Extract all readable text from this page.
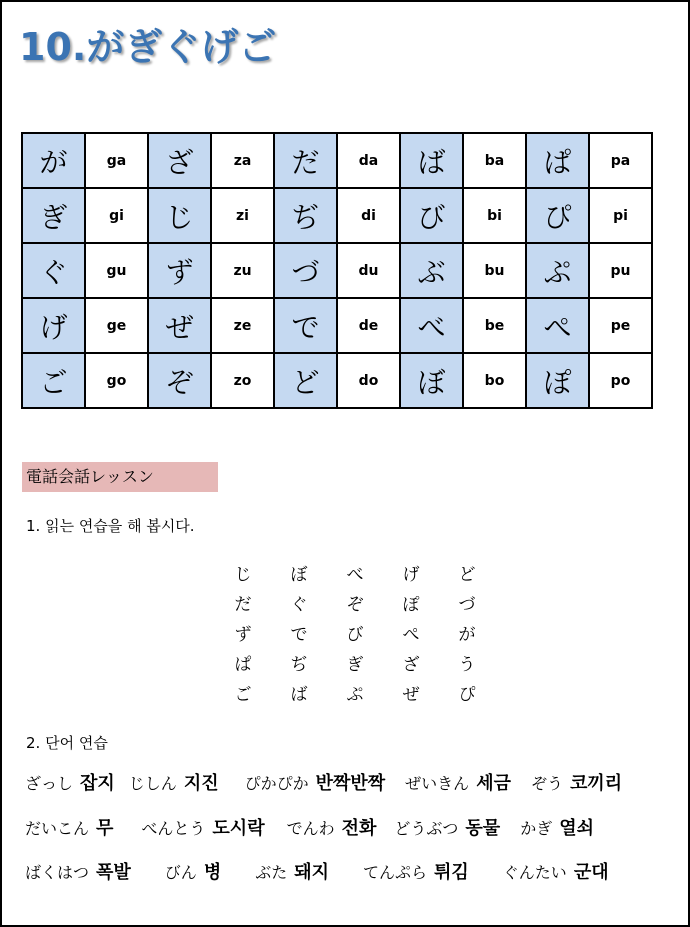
10.がぎぐげご
が	ga	ざ	za	だ	da	ば	ba	ぱ	pa
ぎ	gi	じ	zi	ぢ	di	び	bi	ぴ	pi
ぐ	gu	ず	zu	づ	du	ぶ	bu	ぷ	pu
げ	ge	ぜ	ze	で	de	べ	be	ぺ	pe
ご	go	ぞ	zo	ど	do	ぼ	bo	ぽ	po
電話会話レッスン
1. 읽는 연습을 해 봅시다.
じ	ぼ	べ	げ	ど
だ	ぐ	ぞ	ぽ	づ
ず	で	び	ぺ	が
ぱ	ぢ	ぎ	ざ	う
ご	ば	ぷ	ぜ	ぴ
2. 단어 연습
ざっし 잡지 じしん 지진 ぴかぴか 반짝반짝 ぜいきん 세금 ぞう 코끼리
だいこん 무 べんとう 도시락 でんわ 전화 どうぶつ 동물 かぎ 열쇠
ばくはつ 폭발 びん 병 ぶた 돼지 てんぷら 튀김 ぐんたい 군대
